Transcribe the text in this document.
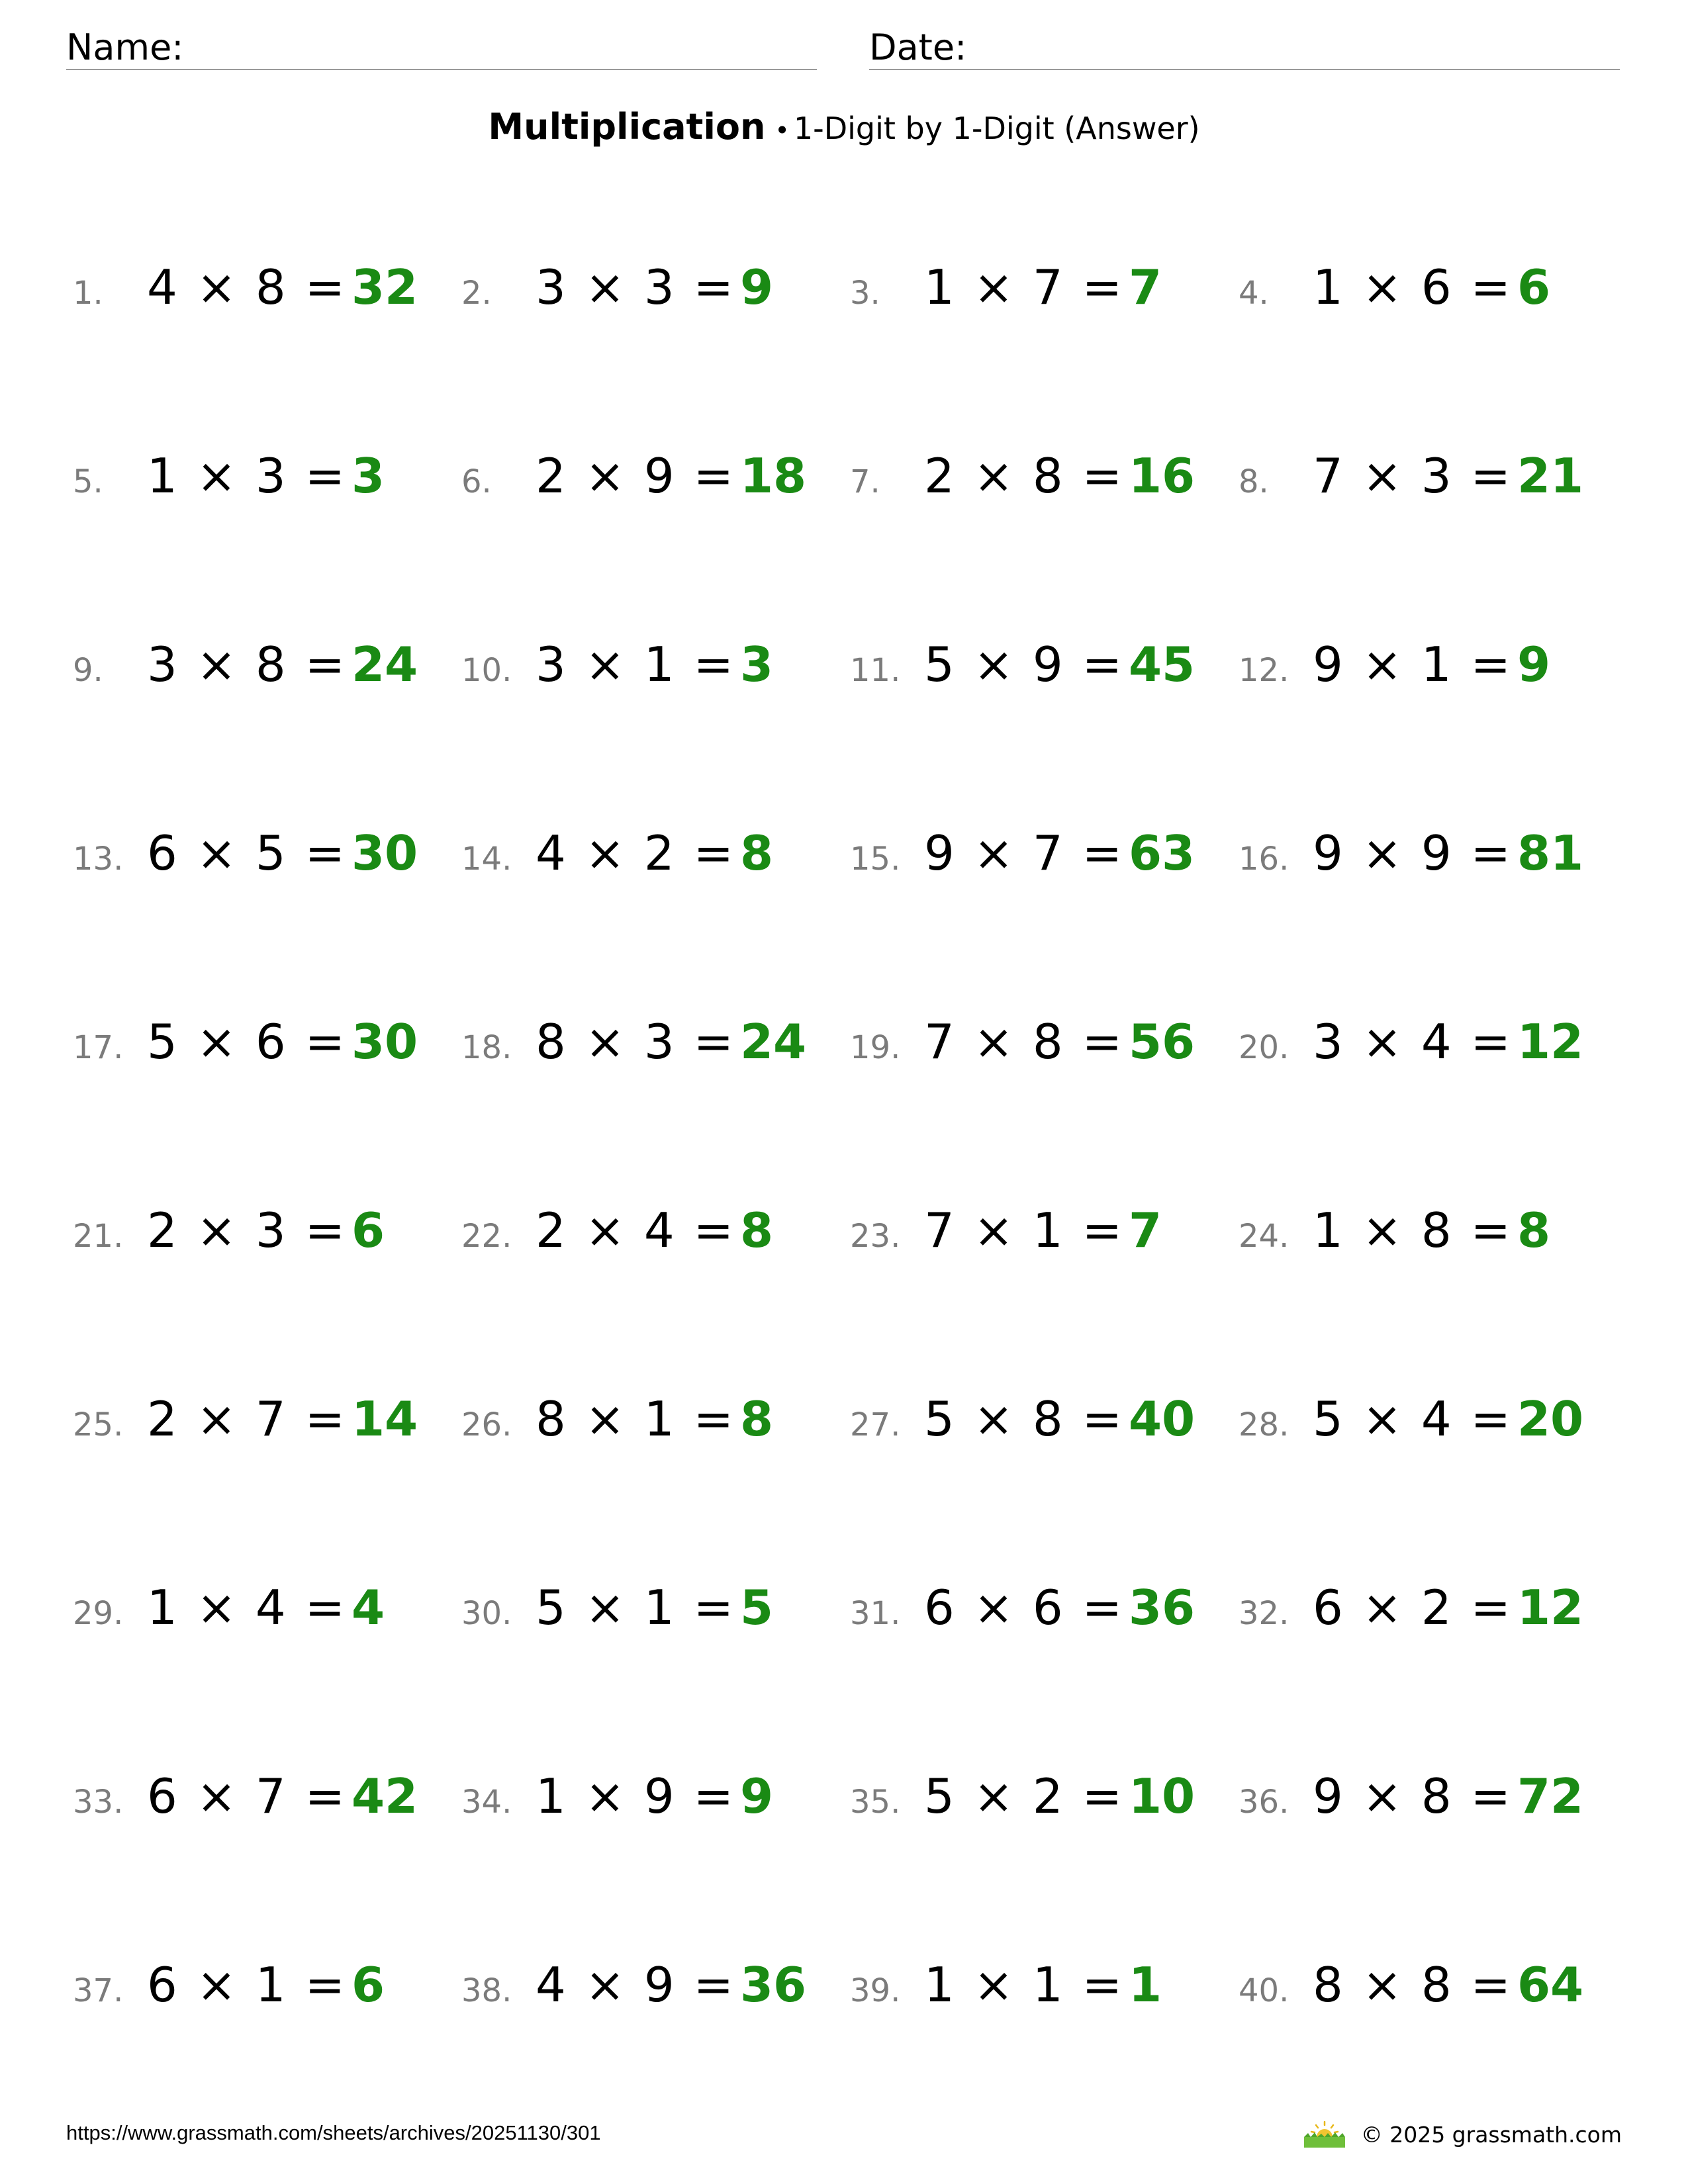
Name:	Date:
Multiplication • 1-Digit by 1-Digit (Answer)
1. 4 × 8 = 32 2. 3 × 3 = 9 3. 1 × 7 = 7 4. 1 × 6 = 6
5. 1 × 3 = 3 6. 2 × 9 = 18 7. 2 × 8 = 16 8. 7 × 3 = 21
9. 3 × 8 = 24 10. 3 × 1 = 3 11. 5 × 9 = 45 12. 9 × 1 = 9
13. 6 × 5 = 30 14. 4 × 2 = 8 15. 9 × 7 = 63 16. 9 × 9 = 81
17. 5 × 6 = 30 18. 8 × 3 = 24 19. 7 × 8 = 56 20. 3 × 4 = 12
21. 2 × 3 = 6 22. 2 × 4 = 8 23. 7 × 1 = 7 24. 1 × 8 = 8
25. 2 × 7 = 14 26. 8 × 1 = 8 27. 5 × 8 = 40 28. 5 × 4 = 20
29. 1 × 4 = 4 30. 5 × 1 = 5 31. 6 × 6 = 36 32. 6 × 2 = 12
33. 6 × 7 = 42 34. 1 × 9 = 9 35. 5 × 2 = 10 36. 9 × 8 = 72
37. 6 × 1 = 6 38. 4 × 9 = 36 39. 1 × 1 = 1 40. 8 × 8 = 64
https://www.grassmath.com/sheets/archives/20251130/301	© 2025 grassmath.com
